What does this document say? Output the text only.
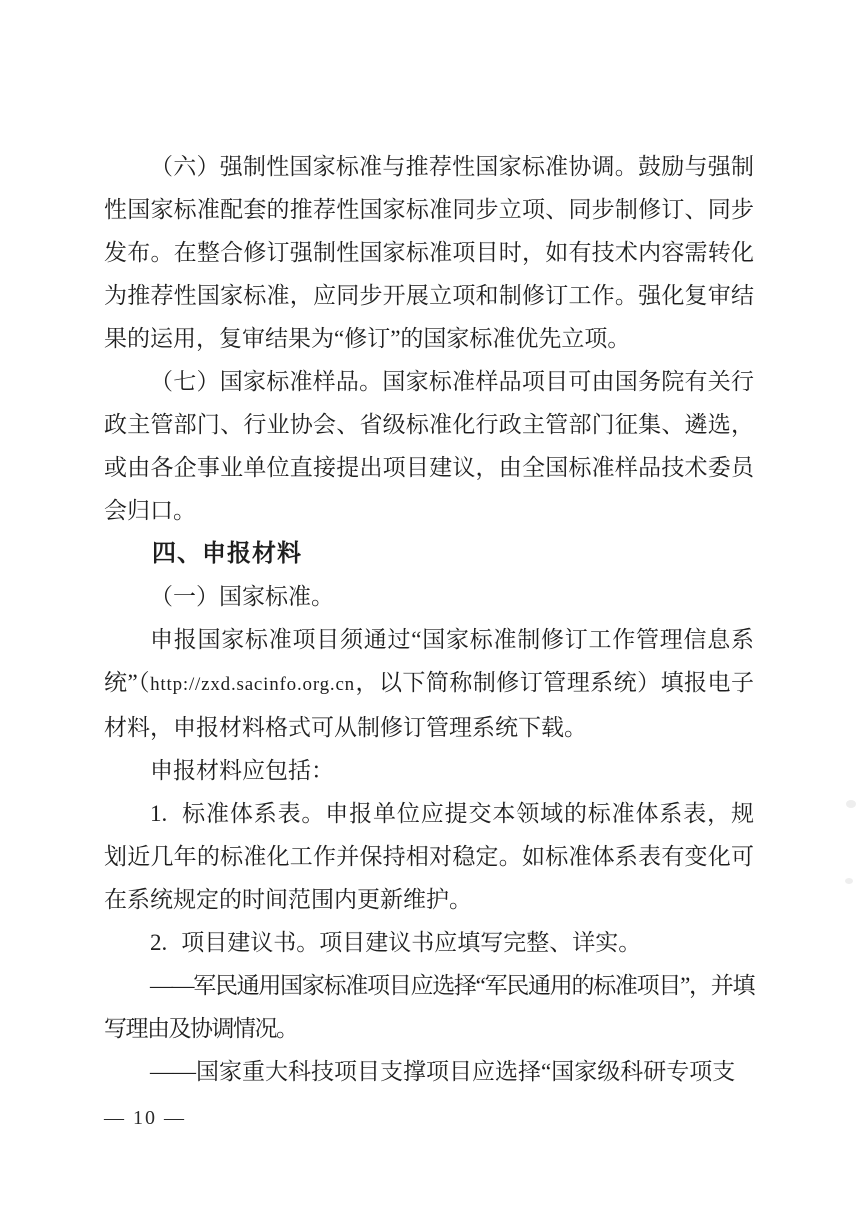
（六）强制性国家标准与推荐性国家标准协调。鼓励与强制性国家标准配套的推荐性国家标准同步立项、同步制修订、同步发布。在整合修订强制性国家标准项目时，如有技术内容需转化为推荐性国家标准，应同步开展立项和制修订工作。强化复审结果的运用，复审结果为“修订”的国家标准优先立项。

（七）国家标准样品。国家标准样品项目可由国务院有关行政主管部门、行业协会、省级标准化行政主管部门征集、遴选，或由各企事业单位直接提出项目建议，由全国标准样品技术委员会归口。

四、申报材料

（一）国家标准。

申报国家标准项目须通过“国家标准制修订工作管理信息系统”（http://zxd.sacinfo.org.cn，以下简称制修订管理系统）填报电子材料，申报材料格式可从制修订管理系统下载。

申报材料应包括：

1. 标准体系表。申报单位应提交本领域的标准体系表，规划近几年的标准化工作并保持相对稳定。如标准体系表有变化可在系统规定的时间范围内更新维护。

2. 项目建议书。项目建议书应填写完整、详实。

——军民通用国家标准项目应选择“军民通用的标准项目”，并填写理由及协调情况。

——国家重大科技项目支撑项目应选择“国家级科研专项支

— 10 —
